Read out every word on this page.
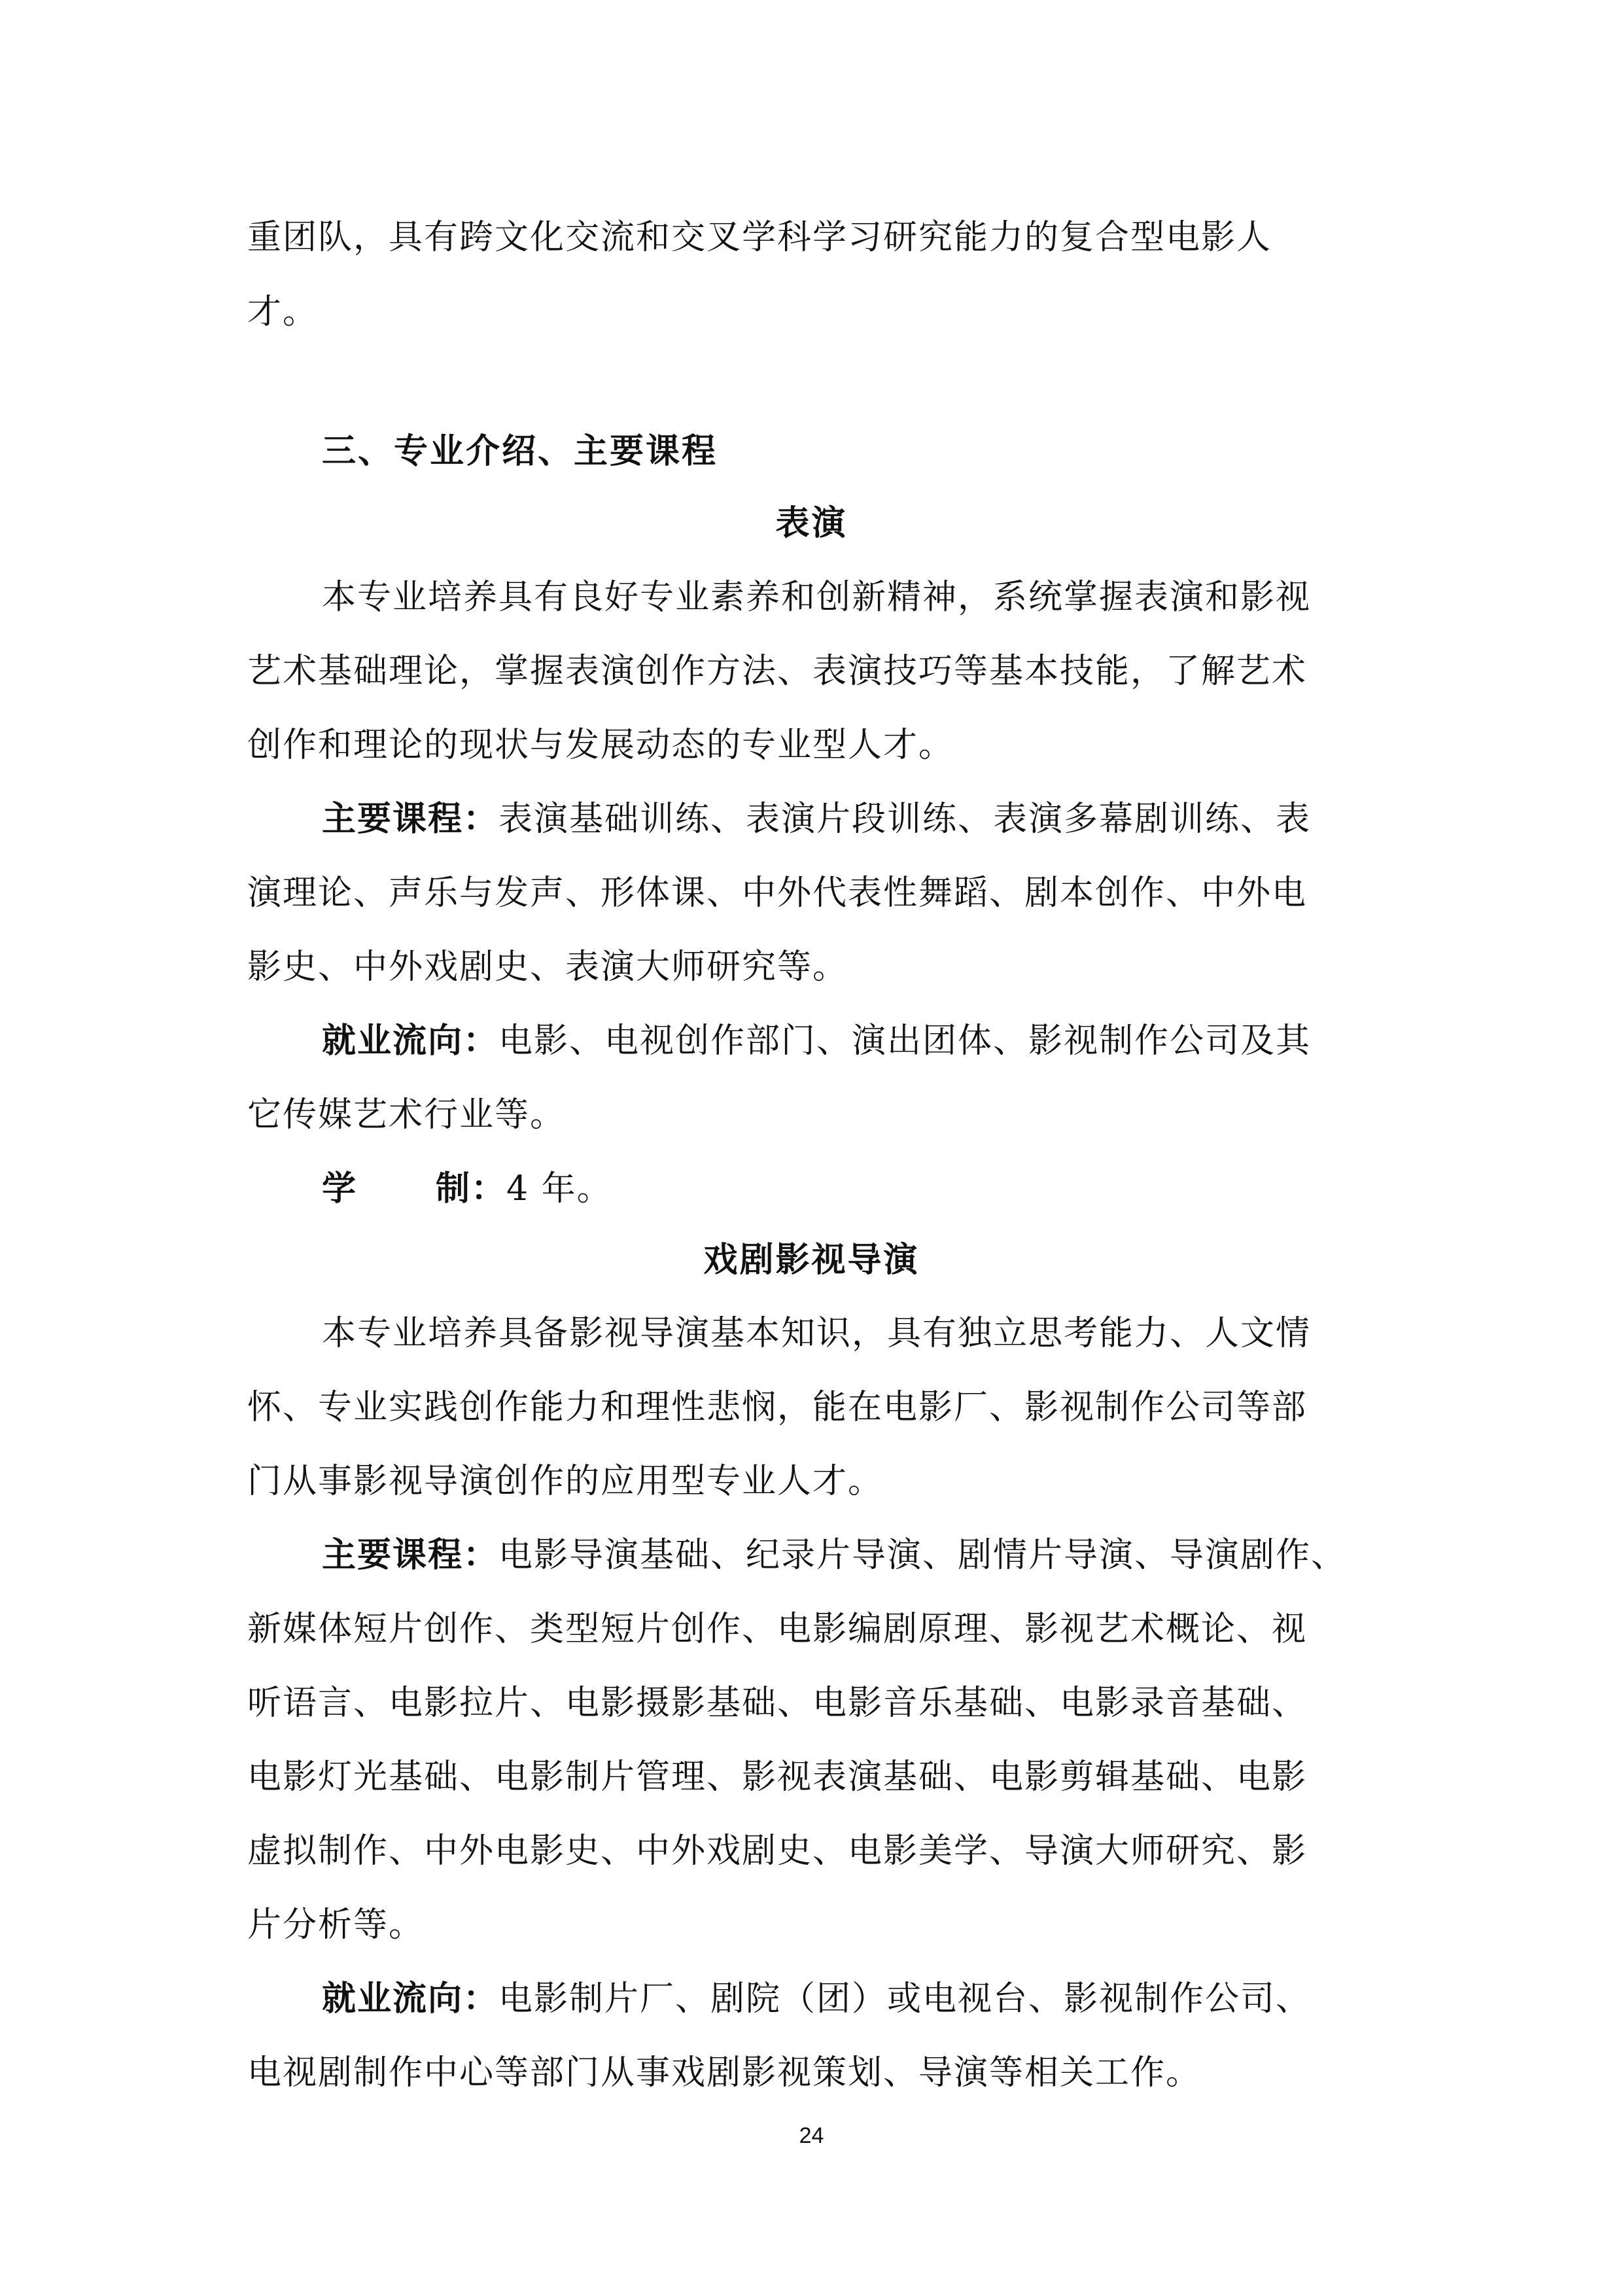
重团队，具有跨文化交流和交叉学科学习研究能力的复合型电影人
才。
三、专业介绍、主要课程
表演
本专业培养具有良好专业素养和创新精神，系统掌握表演和影视
艺术基础理论，掌握表演创作方法、表演技巧等基本技能，了解艺术
创作和理论的现状与发展动态的专业型人才。
主要课程：表演基础训练、表演片段训练、表演多幕剧训练、表
演理论、声乐与发声、形体课、中外代表性舞蹈、剧本创作、中外电
影史、中外戏剧史、表演大师研究等。
就业流向：电影、电视创作部门、演出团体、影视制作公司及其
它传媒艺术行业等。
学 制：4 年。
戏剧影视导演
本专业培养具备影视导演基本知识，具有独立思考能力、人文情
怀、专业实践创作能力和理性悲悯，能在电影厂、影视制作公司等部
门从事影视导演创作的应用型专业人才。
主要课程：电影导演基础、纪录片导演、剧情片导演、导演剧作、
新媒体短片创作、类型短片创作、电影编剧原理、影视艺术概论、视
听语言、电影拉片、电影摄影基础、电影音乐基础、电影录音基础、
电影灯光基础、电影制片管理、影视表演基础、电影剪辑基础、电影
虚拟制作、中外电影史、中外戏剧史、电影美学、导演大师研究、影
片分析等。
就业流向：电影制片厂、剧院（团）或电视台、影视制作公司、
电视剧制作中心等部门从事戏剧影视策划、导演等相关工作。
24
